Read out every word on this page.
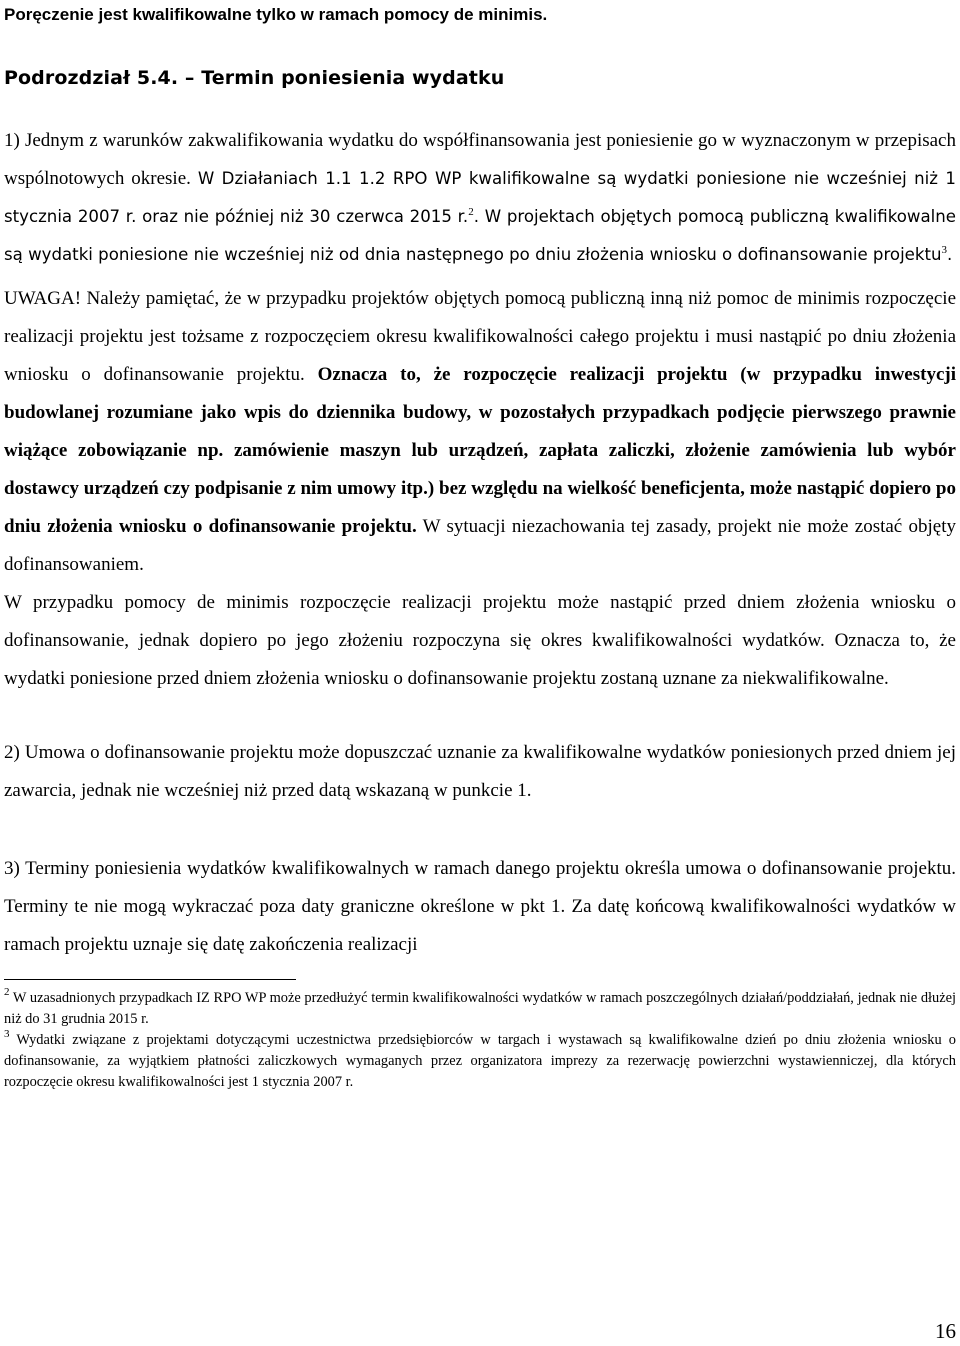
Poręczenie jest kwalifikowalne tylko w ramach pomocy de minimis.

Podrozdział 5.4. – Termin poniesienia wydatku

1) Jednym z warunków zakwalifikowania wydatku do współfinansowania jest poniesienie go w wyznaczonym w przepisach wspólnotowych okresie. W Działaniach 1.1 1.2 RPO WP kwalifikowalne są wydatki poniesione nie wcześniej niż 1 stycznia 2007 r. oraz nie później niż 30 czerwca 2015 r.$^2$. W projektach objętych pomocą publiczną kwalifikowalne są wydatki poniesione nie wcześniej niż od dnia następnego po dniu złożenia wniosku o dofinansowanie projektu$^3$.

UWAGA! Należy pamiętać, że w przypadku projektów objętych pomocą publiczną inną niż pomoc de minimis rozpoczęcie realizacji projektu jest tożsame z rozpoczęciem okresu kwalifikowalności całego projektu i musi nastąpić po dniu złożenia wniosku o dofinansowanie projektu. Oznacza to, że rozpoczęcie realizacji projektu (w przypadku inwestycji budowlanej rozumiane jako wpis do dziennika budowy, w pozostałych przypadkach podjęcie pierwszego prawnie wiążące zobowiązanie np. zamówienie maszyn lub urządzeń, zapłata zaliczki, złożenie zamówienia lub wybór dostawcy urządzeń czy podpisanie z nim umowy itp.) bez względu na wielkość beneficjenta, może nastąpić dopiero po dniu złożenia wniosku o dofinansowanie projektu. W sytuacji niezachowania tej zasady, projekt nie może zostać objęty dofinansowaniem.

W przypadku pomocy de minimis rozpoczęcie realizacji projektu może nastąpić przed dniem złożenia wniosku o dofinansowanie, jednak dopiero po jego złożeniu rozpoczyna się okres kwalifikowalności wydatków. Oznacza to, że wydatki poniesione przed dniem złożenia wniosku o dofinansowanie projektu zostaną uznane za niekwalifikowalne.

2) Umowa o dofinansowanie projektu może dopuszczać uznanie za kwalifikowalne wydatków poniesionych przed dniem jej zawarcia, jednak nie wcześniej niż przed datą wskazaną w punkcie 1.

3) Terminy poniesienia wydatków kwalifikowalnych w ramach danego projektu określa umowa o dofinansowanie projektu. Terminy te nie mogą wykraczać poza daty graniczne określone w pkt 1. Za datę końcową kwalifikowalności wydatków w ramach projektu uznaje się datę zakończenia realizacji

$^2$ W uzasadnionych przypadkach IZ RPO WP może przedłużyć termin kwalifikowalności wydatków w ramach poszczególnych działań/poddziałań, jednak nie dłużej niż do 31 grudnia 2015 r.

$^3$ Wydatki związane z projektami dotyczącymi uczestnictwa przedsiębiorców w targach i wystawach są kwalifikowalne dzień po dniu złożenia wniosku o dofinansowanie, za wyjątkiem płatności zaliczkowych wymaganych przez organizatora imprezy za rezerwację powierzchni wystawienniczej, dla których rozpoczęcie okresu kwalifikowalności jest 1 stycznia 2007 r.

16
